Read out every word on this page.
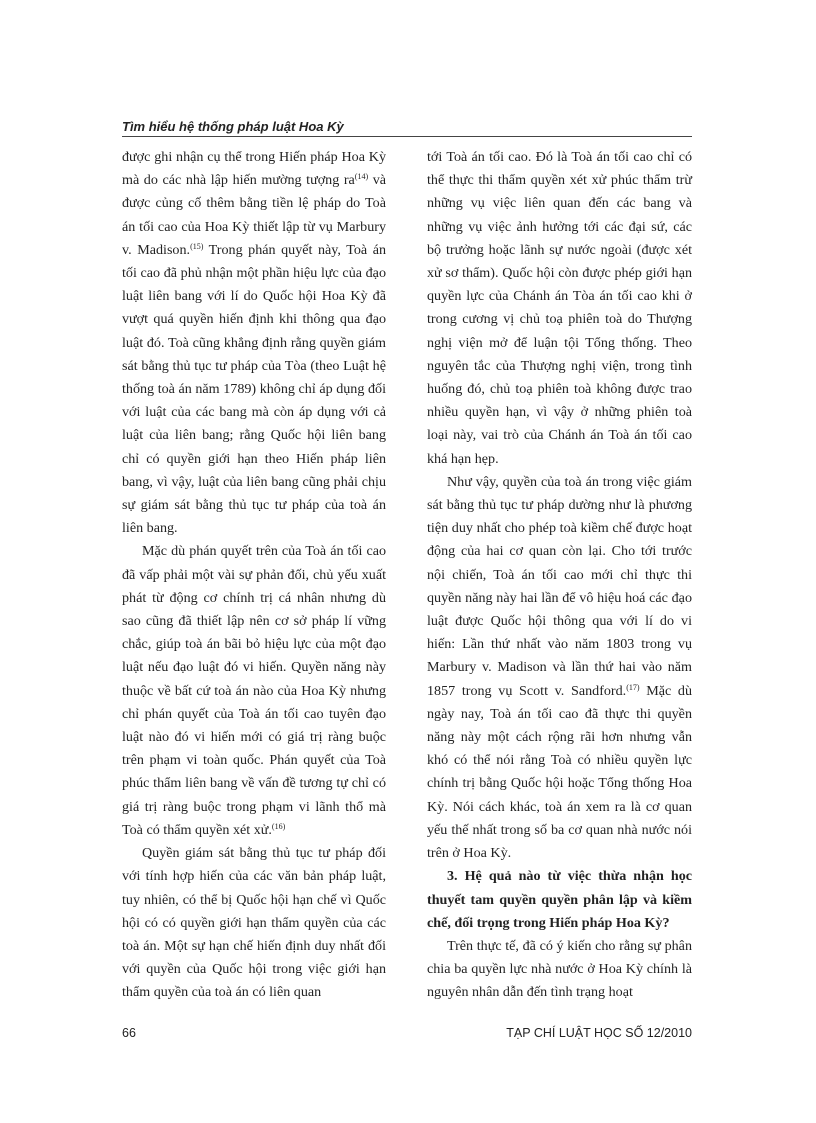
Tìm hiểu hệ thống pháp luật Hoa Kỳ

được ghi nhận cụ thể trong Hiến pháp Hoa Kỳ mà do các nhà lập hiến mường tượng $ra^{(14)}$ và được củng cố thêm bằng tiền lệ pháp do Toà án tối cao của Hoa Kỳ thiết lập từ vụ Marbury v. Madison.$^{(15)}$ Trong phán quyết này, Toà án tối cao đã phủ nhận một phần hiệu lực của đạo luật liên bang với lí do Quốc hội Hoa Kỳ đã vượt quá quyền hiến định khi thông qua đạo luật đó. Toà cũng khẳng định rằng quyền giám sát bằng thủ tục tư pháp của Tòa (theo Luật hệ thống toà án năm 1789) không chỉ áp dụng đối với luật của các bang mà còn áp dụng với cả luật của liên bang; rằng Quốc hội liên bang chỉ có quyền giới hạn theo Hiến pháp liên bang, vì vậy, luật của liên bang cũng phải chịu sự giám sát bằng thủ tục tư pháp của toà án liên bang.

Mặc dù phán quyết trên của Toà án tối cao đã vấp phải một vài sự phản đối, chủ yếu xuất phát từ động cơ chính trị cá nhân nhưng dù sao cũng đã thiết lập nên cơ sở pháp lí vững chắc, giúp toà án bãi bỏ hiệu lực của một đạo luật nếu đạo luật đó vi hiến. Quyền năng này thuộc về bất cứ toà án nào của Hoa Kỳ nhưng chỉ phán quyết của Toà án tối cao tuyên đạo luật nào đó vi hiến mới có giá trị ràng buộc trên phạm vi toàn quốc. Phán quyết của Toà phúc thẩm liên bang về vấn đề tương tự chỉ có giá trị ràng buộc trong phạm vi lãnh thổ mà Toà có thẩm quyền xét xử.$^{(16)}$

Quyền giám sát bằng thủ tục tư pháp đối với tính hợp hiến của các văn bản pháp luật, tuy nhiên, có thể bị Quốc hội hạn chế vì Quốc hội có có quyền giới hạn thẩm quyền của các toà án. Một sự hạn chế hiến định duy nhất đối với quyền của Quốc hội trong việc giới hạn thẩm quyền của toà án có liên quan

tới Toà án tối cao. Đó là Toà án tối cao chỉ có thể thực thi thẩm quyền xét xử phúc thẩm trừ những vụ việc liên quan đến các bang và những vụ việc ảnh hưởng tới các đại sứ, các bộ trưởng hoặc lãnh sự nước ngoài (được xét xử sơ thẩm). Quốc hội còn được phép giới hạn quyền lực của Chánh án Tòa án tối cao khi ở trong cương vị chủ toạ phiên toà do Thượng nghị viện mở để luận tội Tổng thống. Theo nguyên tắc của Thượng nghị viện, trong tình huống đó, chủ toạ phiên toà không được trao nhiều quyền hạn, vì vậy ở những phiên toà loại này, vai trò của Chánh án Toà án tối cao khá hạn hẹp.

Như vậy, quyền của toà án trong việc giám sát bằng thủ tục tư pháp dường như là phương tiện duy nhất cho phép toà kiềm chế được hoạt động của hai cơ quan còn lại. Cho tới trước nội chiến, Toà án tối cao mới chỉ thực thi quyền năng này hai lần để vô hiệu hoá các đạo luật được Quốc hội thông qua với lí do vi hiến: Lần thứ nhất vào năm 1803 trong vụ Marbury v. Madison và lần thứ hai vào năm 1857 trong vụ Scott v. Sandford.$^{(17)}$ Mặc dù ngày nay, Toà án tối cao đã thực thi quyền năng này một cách rộng rãi hơn nhưng vẫn khó có thể nói rằng Toà có nhiều quyền lực chính trị bằng Quốc hội hoặc Tổng thống Hoa Kỳ. Nói cách khác, toà án xem ra là cơ quan yếu thế nhất trong số ba cơ quan nhà nước nói trên ở Hoa Kỳ.

3. Hệ quả nào từ việc thừa nhận học thuyết tam quyền quyền phân lập và kiềm chế, đối trọng trong Hiến pháp Hoa Kỳ?

Trên thực tế, đã có ý kiến cho rằng sự phân chia ba quyền lực nhà nước ở Hoa Kỳ chính là nguyên nhân dẫn đến tình trạng hoạt

66	TẠP CHÍ LUẬT HỌC SỐ 12/2010
